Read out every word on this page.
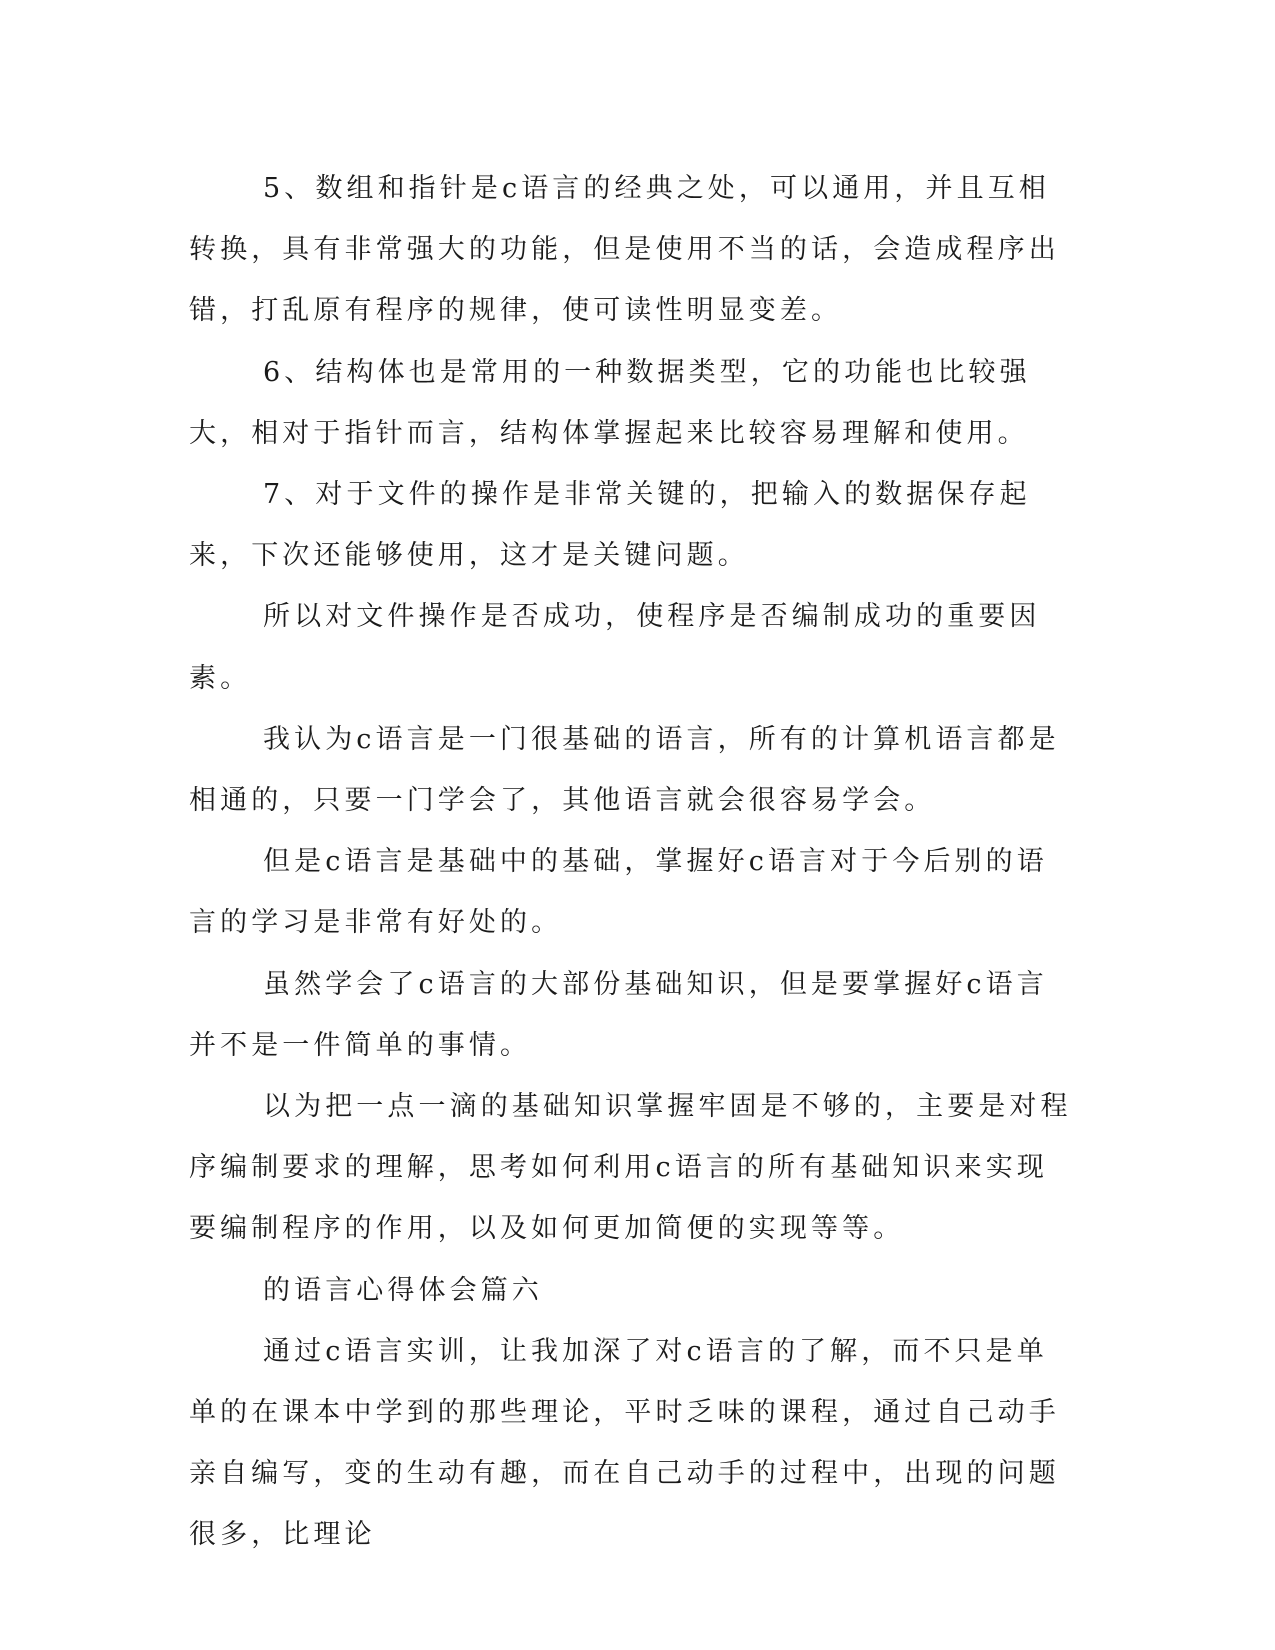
5、数组和指针是c语言的经典之处，可以通用，并且互相转换，具有非常强大的功能，但是使用不当的话，会造成程序出错，打乱原有程序的规律，使可读性明显变差。

6、结构体也是常用的一种数据类型，它的功能也比较强大，相对于指针而言，结构体掌握起来比较容易理解和使用。

7、对于文件的操作是非常关键的，把输入的数据保存起来，下次还能够使用，这才是关键问题。

所以对文件操作是否成功，使程序是否编制成功的重要因素。

我认为c语言是一门很基础的语言，所有的计算机语言都是相通的，只要一门学会了，其他语言就会很容易学会。

但是c语言是基础中的基础，掌握好c语言对于今后别的语言的学习是非常有好处的。

虽然学会了c语言的大部份基础知识，但是要掌握好c语言并不是一件简单的事情。

以为把一点一滴的基础知识掌握牢固是不够的，主要是对程序编制要求的理解，思考如何利用c语言的所有基础知识来实现要编制程序的作用，以及如何更加简便的实现等等。

的语言心得体会篇六

通过c语言实训，让我加深了对c语言的了解，而不只是单单的在课本中学到的那些理论，平时乏味的课程，通过自己动手亲自编写，变的生动有趣，而在自己动手的过程中，出现的问题很多，比理论
